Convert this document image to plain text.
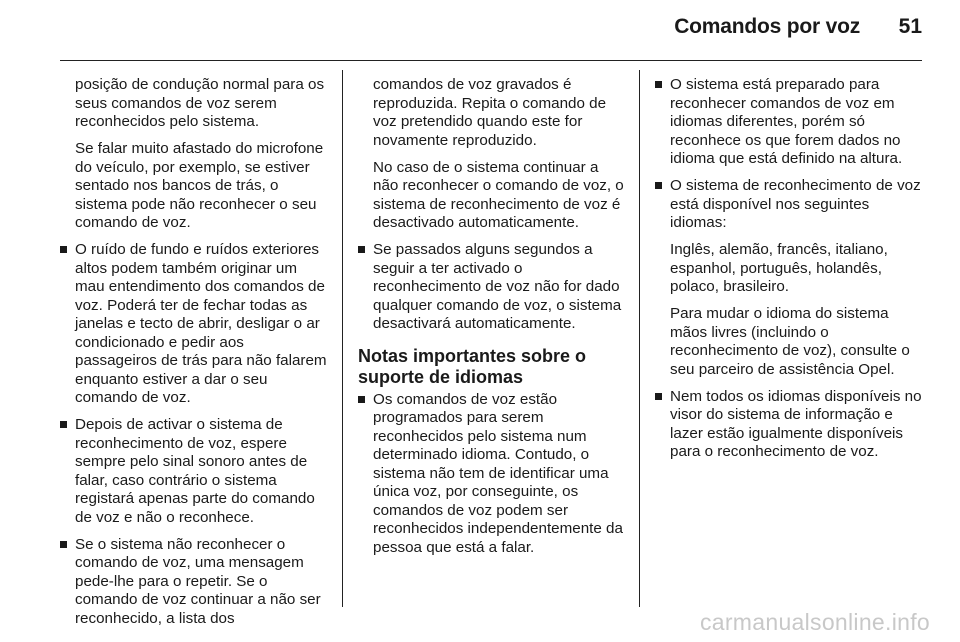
Comandos por voz	51

posição de condução normal para os seus comandos de voz serem reconhecidos pelo sistema.

Se falar muito afastado do microfone do veículo, por exemplo, se estiver sentado nos bancos de trás, o sistema pode não reconhecer o seu comando de voz.

O ruído de fundo e ruídos exteriores altos podem também originar um mau entendimento dos comandos de voz. Poderá ter de fechar todas as janelas e tecto de abrir, desligar o ar condicionado e pedir aos passageiros de trás para não falarem enquanto estiver a dar o seu comando de voz.
Depois de activar o sistema de reconhecimento de voz, espere sempre pelo sinal sonoro antes de falar, caso contrário o sistema registará apenas parte do comando de voz e não o reconhece.
Se o sistema não reconhecer o comando de voz, uma mensagem pede-lhe para o repetir. Se o comando de voz continuar a não ser reconhecido, a lista dos

comandos de voz gravados é reproduzida. Repita o comando de voz pretendido quando este for novamente reproduzido.

No caso de o sistema continuar a não reconhecer o comando de voz, o sistema de reconhecimento de voz é desactivado automaticamente.

Se passados alguns segundos a seguir a ter activado o reconhecimento de voz não for dado qualquer comando de voz, o sistema desactivará automaticamente.
Notas importantes sobre o suporte de idiomas
Os comandos de voz estão programados para serem reconhecidos pelo sistema num determinado idioma. Contudo, o sistema não tem de identificar uma única voz, por conseguinte, os comandos de voz podem ser reconhecidos independentemente da pessoa que está a falar.
O sistema está preparado para reconhecer comandos de voz em idiomas diferentes, porém só reconhece os que forem dados no idioma que está definido na altura.
O sistema de reconhecimento de voz está disponível nos seguintes idiomas:
Inglês, alemão, francês, italiano, espanhol, português, holandês, polaco, brasileiro.
Para mudar o idioma do sistema mãos livres (incluindo o reconhecimento de voz), consulte o seu parceiro de assistência Opel.
Nem todos os idiomas disponíveis no visor do sistema de informação e lazer estão igualmente disponíveis para o reconhecimento de voz.
carmanualsonline.info
